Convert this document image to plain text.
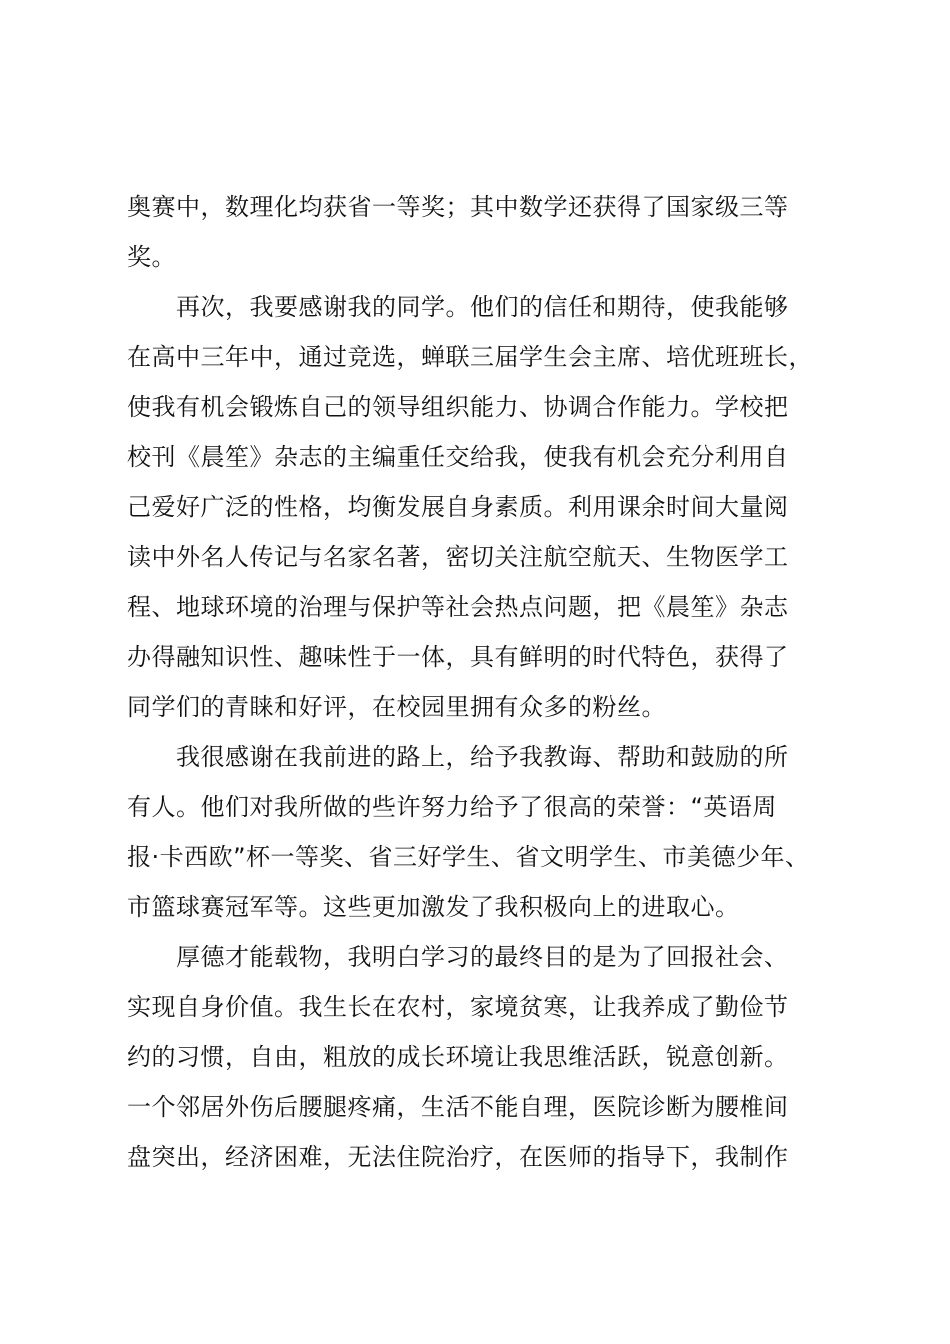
奥赛中，数理化均获省一等奖；其中数学还获得了国家级三等
奖。
再次，我要感谢我的同学。他们的信任和期待，使我能够
在高中三年中，通过竞选，蝉联三届学生会主席、培优班班长，
使我有机会锻炼自己的领导组织能力、协调合作能力。学校把
校刊《晨笙》杂志的主编重任交给我，使我有机会充分利用自
己爱好广泛的性格，均衡发展自身素质。利用课余时间大量阅
读中外名人传记与名家名著，密切关注航空航天、生物医学工
程、地球环境的治理与保护等社会热点问题，把《晨笙》杂志
办得融知识性、趣味性于一体，具有鲜明的时代特色，获得了
同学们的青睐和好评，在校园里拥有众多的粉丝。
我很感谢在我前进的路上，给予我教诲、帮助和鼓励的所
有人。他们对我所做的些许努力给予了很高的荣誉：“英语周
报·卡西欧”杯一等奖、省三好学生、省文明学生、市美德少年、
市篮球赛冠军等。这些更加激发了我积极向上的进取心。
厚德才能载物，我明白学习的最终目的是为了回报社会、
实现自身价值。我生长在农村，家境贫寒，让我养成了勤俭节
约的习惯，自由，粗放的成长环境让我思维活跃，锐意创新。
一个邻居外伤后腰腿疼痛，生活不能自理，医院诊断为腰椎间
盘突出，经济困难，无法住院治疗，在医师的指导下，我制作
